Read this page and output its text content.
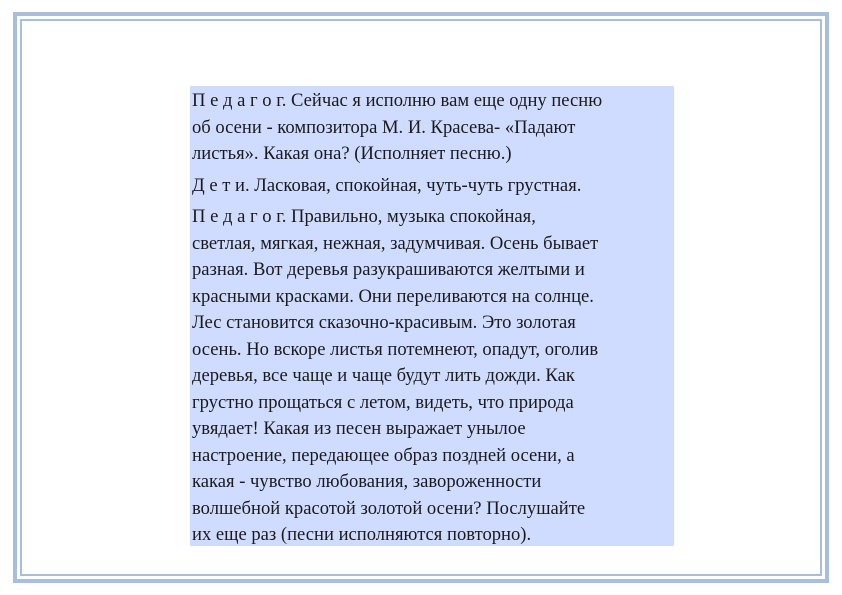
П е д а г о г. Сейчас я исполню вам еще одну песню
об осени - композитора М. И. Красева- «Падают
листья». Какая она? (Исполняет песню.)

Д е т и. Ласковая, спокойная, чуть-чуть грустная.

П е д а г о г. Правильно, музыка спокойная,
светлая, мягкая, нежная, задумчивая. Осень бывает
разная. Вот деревья разукрашиваются желтыми и
красными красками. Они переливаются на солнце.
Лес становится сказочно-красивым. Это золотая
осень. Но вскоре листья потемнеют, опадут, оголив
деревья, все чаще и чаще будут лить дожди. Как
грустно прощаться с летом, видеть, что природа
увядает! Какая из песен выражает унылое
настроение, передающее образ поздней осени, а
какая - чувство любования, завороженности
волшебной красотой золотой осени? Послушайте
их еще раз (песни исполняются повторно).
